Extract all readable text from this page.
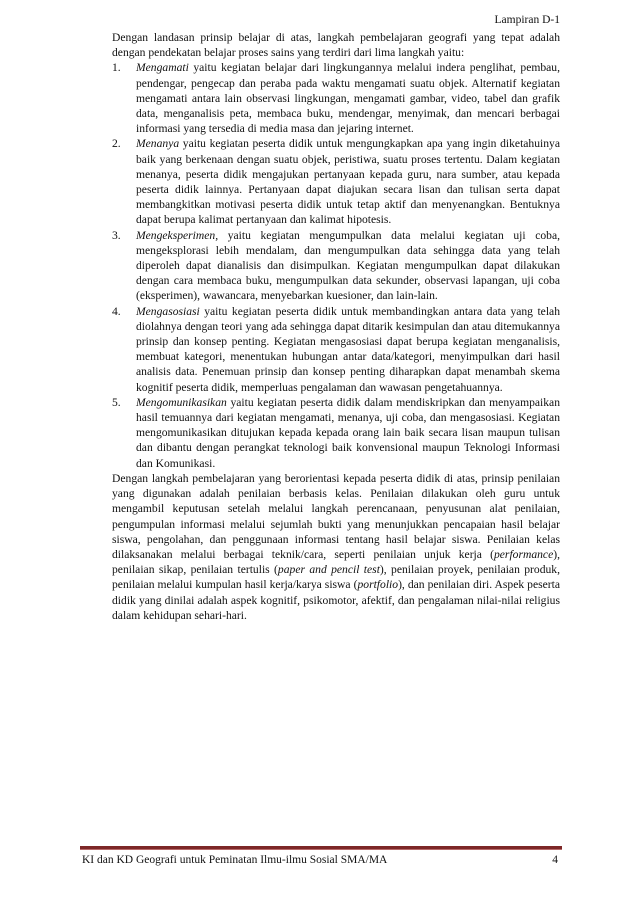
Lampiran D-1

Dengan landasan prinsip belajar di atas, langkah pembelajaran geografi yang tepat adalah dengan pendekatan belajar proses sains yang terdiri dari lima langkah yaitu:

1. Mengamati yaitu kegiatan belajar dari lingkungannya melalui indera penglihat, pembau, pendengar, pengecap dan peraba pada waktu mengamati suatu objek. Alternatif kegiatan mengamati antara lain observasi lingkungan, mengamati gambar, video, tabel dan grafik data, menganalisis peta, membaca buku, mendengar, menyimak, dan mencari berbagai informasi yang tersedia di media masa dan jejaring internet.
2. Menanya yaitu kegiatan peserta didik untuk mengungkapkan apa yang ingin diketahuinya baik yang berkenaan dengan suatu objek, peristiwa, suatu proses tertentu. Dalam kegiatan menanya, peserta didik mengajukan pertanyaan kepada guru, nara sumber, atau kepada peserta didik lainnya. Pertanyaan dapat diajukan secara lisan dan tulisan serta dapat membangkitkan motivasi peserta didik untuk tetap aktif dan menyenangkan. Bentuknya dapat berupa kalimat pertanyaan dan kalimat hipotesis.
3. Mengeksperimen, yaitu kegiatan mengumpulkan data melalui kegiatan uji coba, mengeksplorasi lebih mendalam, dan mengumpulkan data sehingga data yang telah diperoleh dapat dianalisis dan disimpulkan. Kegiatan mengumpulkan dapat dilakukan dengan cara membaca buku, mengumpulkan data sekunder, observasi lapangan, uji coba (eksperimen), wawancara, menyebarkan kuesioner, dan lain-lain.
4. Mengasosiasi yaitu kegiatan peserta didik untuk membandingkan antara data yang telah diolahnya dengan teori yang ada sehingga dapat ditarik kesimpulan dan atau ditemukannya prinsip dan konsep penting. Kegiatan mengasosiasi dapat berupa kegiatan menganalisis, membuat kategori, menentukan hubungan antar data/kategori, menyimpulkan dari hasil analisis data. Penemuan prinsip dan konsep penting diharapkan dapat menambah skema kognitif peserta didik, memperluas pengalaman dan wawasan pengetahuannya.
5. Mengomunikasikan yaitu kegiatan peserta didik dalam mendiskripkan dan menyampaikan hasil temuannya dari kegiatan mengamati, menanya, uji coba, dan mengasosiasi. Kegiatan mengomunikasikan ditujukan kepada kepada orang lain baik secara lisan maupun tulisan dan dibantu dengan perangkat teknologi baik konvensional maupun Teknologi Informasi dan Komunikasi.

Dengan langkah pembelajaran yang berorientasi kepada peserta didik di atas, prinsip penilaian yang digunakan adalah penilaian berbasis kelas. Penilaian dilakukan oleh guru untuk mengambil keputusan setelah melalui langkah perencanaan, penyusunan alat penilaian, pengumpulan informasi melalui sejumlah bukti yang menunjukkan pencapaian hasil belajar siswa, pengolahan, dan penggunaan informasi tentang hasil belajar siswa. Penilaian kelas dilaksanakan melalui berbagai teknik/cara, seperti penilaian unjuk kerja (performance), penilaian sikap, penilaian tertulis (paper and pencil test), penilaian proyek, penilaian produk, penilaian melalui kumpulan hasil kerja/karya siswa (portfolio), dan penilaian diri. Aspek peserta didik yang dinilai adalah aspek kognitif, psikomotor, afektif, dan pengalaman nilai-nilai religius dalam kehidupan sehari-hari.

KI dan KD Geografi untuk Peminatan Ilmu-ilmu Sosial SMA/MA	4
